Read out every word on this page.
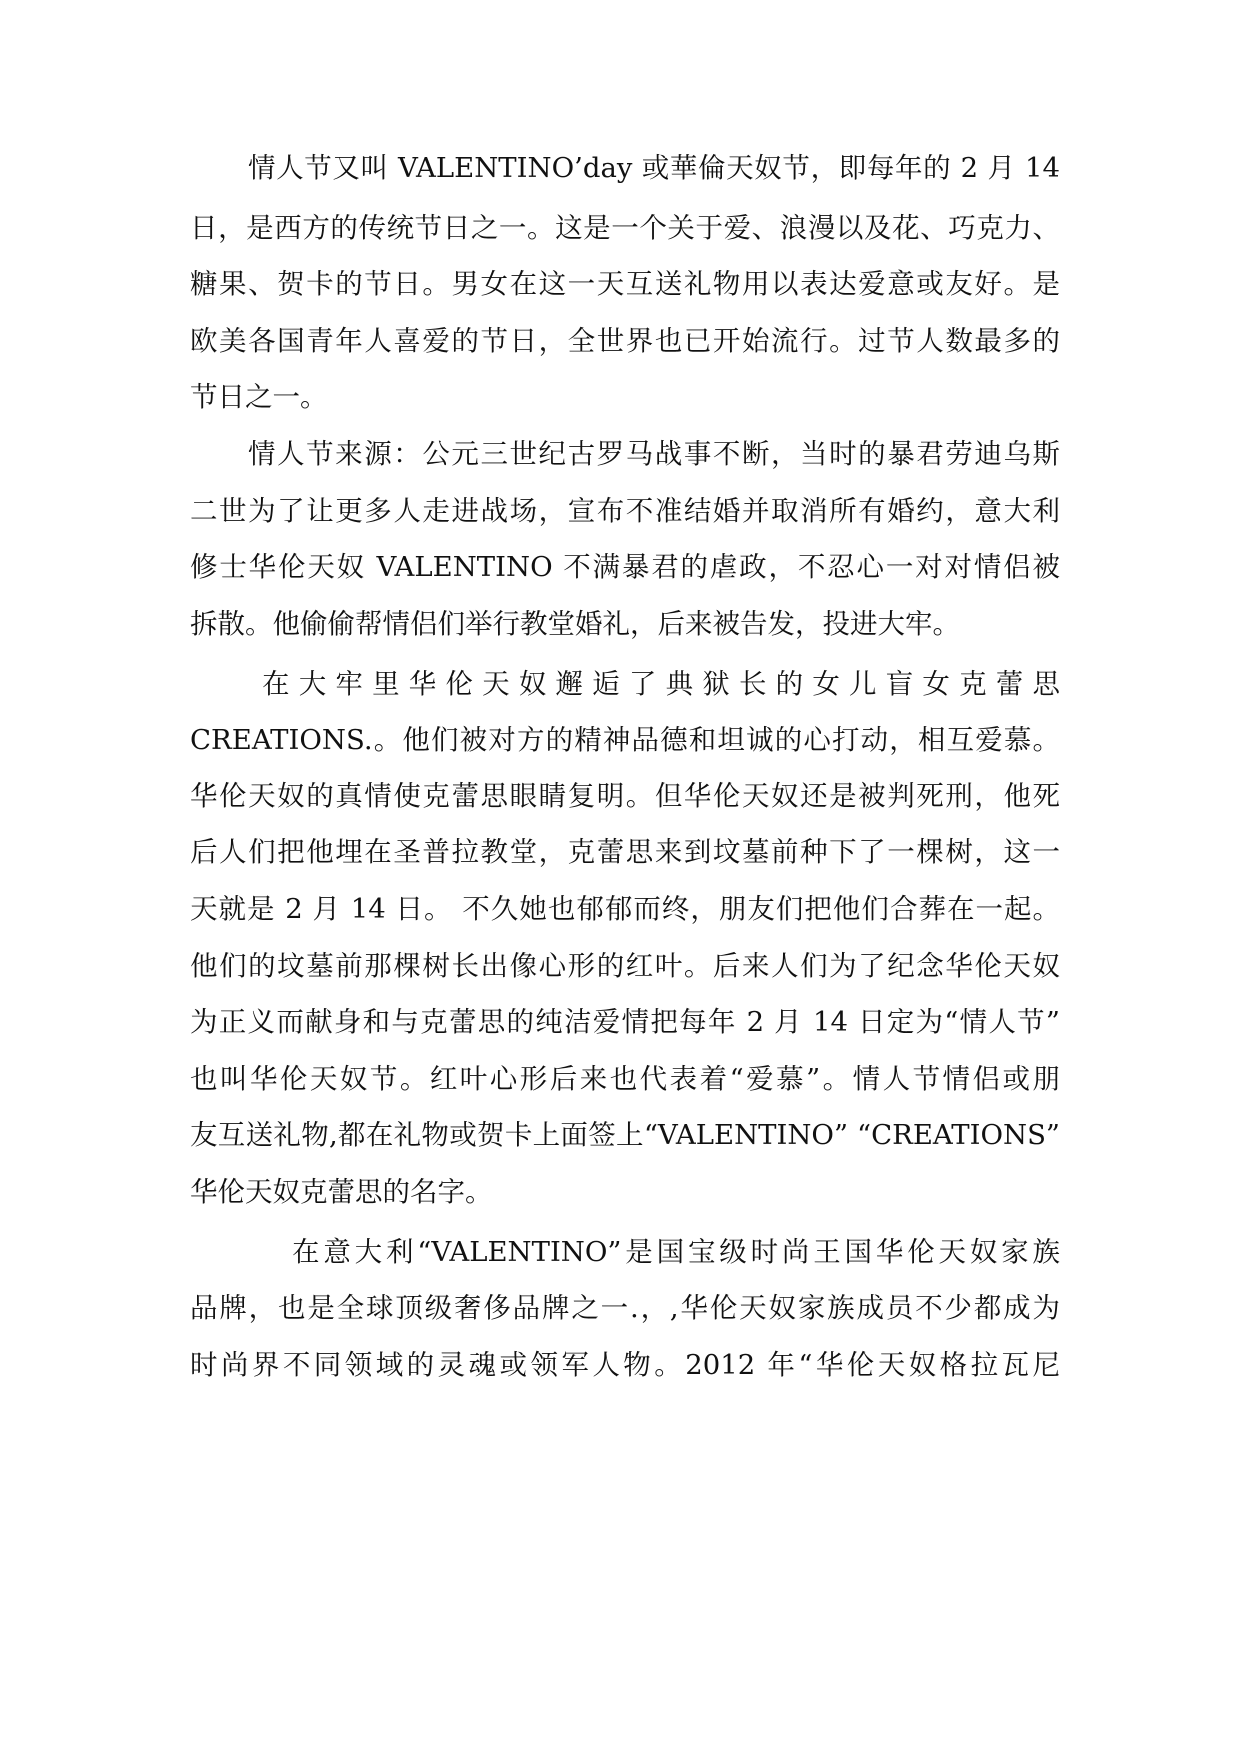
情人节又叫 VALENTINO’day 或華倫天奴节，即每年的 2 月 14

日，是西方的传统节日之一。这是一个关于爱、浪漫以及花、巧克力、

糖果、贺卡的节日。男女在这一天互送礼物用以表达爱意或友好。是

欧美各国青年人喜爱的节日，全世界也已开始流行。过节人数最多的

节日之一。

情人节来源：公元三世纪古罗马战事不断，当时的暴君劳迪乌斯

二世为了让更多人走进战场，宣布不准结婚并取消所有婚约，意大利

修士华伦天奴 VALENTINO 不满暴君的虐政，不忍心一对对情侣被

拆散。他偷偷帮情侣们举行教堂婚礼，后来被告发，投进大牢。

在大牢里华伦天奴邂逅了典狱长的女儿盲女克蕾思

CREATIONS.。他们被对方的精神品德和坦诚的心打动，相互爱慕。

华伦天奴的真情使克蕾思眼睛复明。但华伦天奴还是被判死刑，他死

后人们把他埋在圣普拉教堂，克蕾思来到坟墓前种下了一棵树，这一

天就是 2 月 14 日。 不久她也郁郁而终，朋友们把他们合葬在一起。

他们的坟墓前那棵树长出像心形的红叶。后来人们为了纪念华伦天奴

为正义而献身和与克蕾思的纯洁爱情把每年 2 月 14 日定为“情人节”

也叫华伦天奴节。红叶心形后来也代表着“爱慕”。情人节情侣或朋

友互送礼物,都在礼物或贺卡上面签上“VALENTINO” “CREATIONS”

华伦天奴克蕾思的名字。

在意大利“VALENTINO”是国宝级时尚王国华伦天奴家族

品牌，也是全球顶级奢侈品牌之一.，,华伦天奴家族成员不少都成为

时尚界不同领域的灵魂或领军人物。2012 年“华伦天奴格拉瓦尼
